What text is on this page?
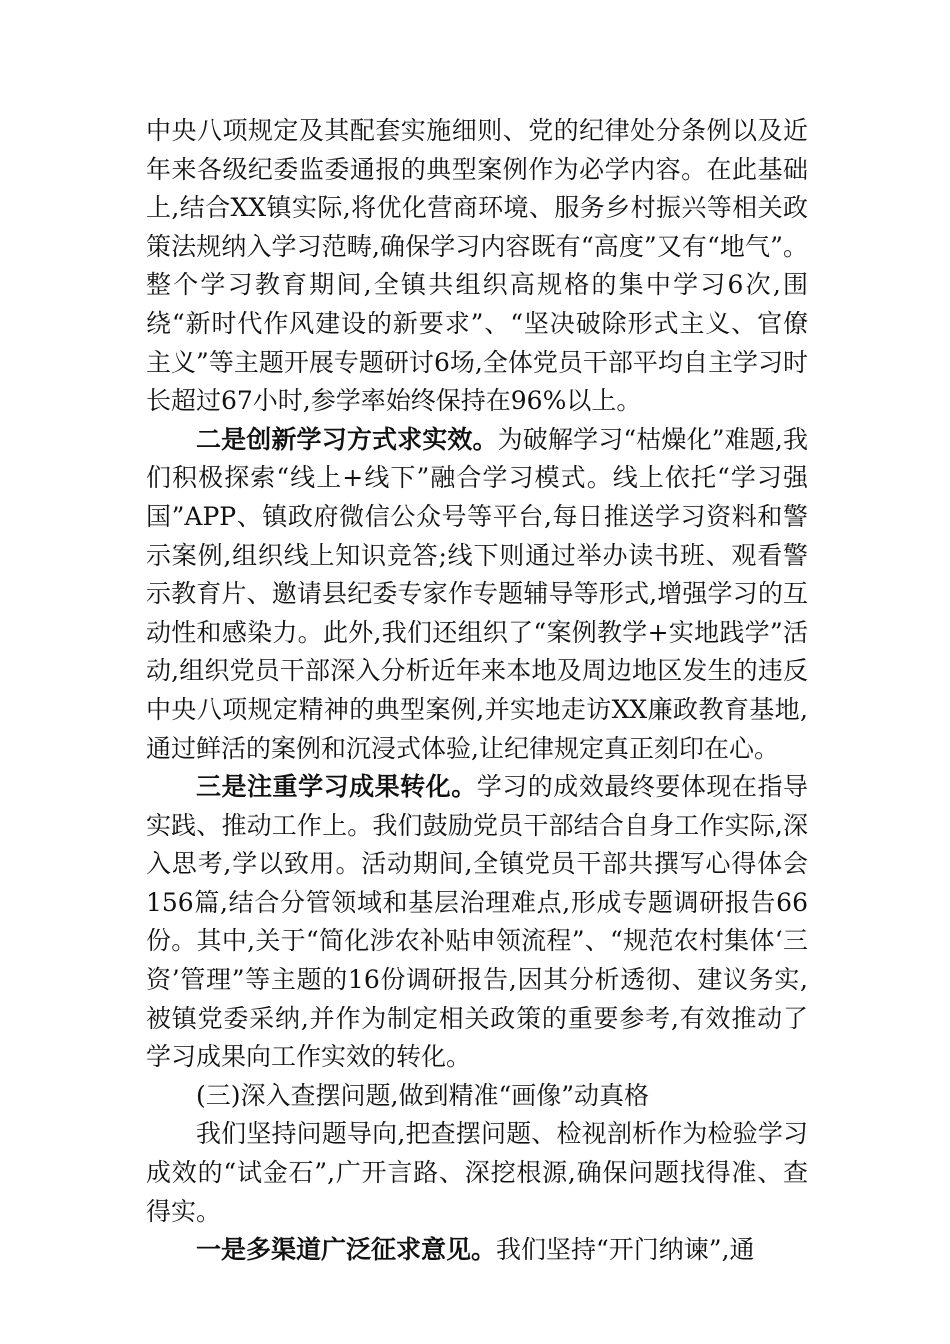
中央八项规定及其配套实施细则、党的纪律处分条例以及近年来各级纪委监委通报的典型案例作为必学内容。在此基础上,结合XX镇实际,将优化营商环境、服务乡村振兴等相关政策法规纳入学习范畴,确保学习内容既有“高度”又有“地气”。整个学习教育期间,全镇共组织高规格的集中学习6次,围绕“新时代作风建设的新要求”、“坚决破除形式主义、官僚主义”等主题开展专题研讨6场,全体党员干部平均自主学习时长超过67小时,参学率始终保持在96%以上。

二是创新学习方式求实效。为破解学习“枯燥化”难题,我们积极探索“线上+线下”融合学习模式。线上依托“学习强国”APP、镇政府微信公众号等平台,每日推送学习资料和警示案例,组织线上知识竞答;线下则通过举办读书班、观看警示教育片、邀请县纪委专家作专题辅导等形式,增强学习的互动性和感染力。此外,我们还组织了“案例教学+实地践学”活动,组织党员干部深入分析近年来本地及周边地区发生的违反中央八项规定精神的典型案例,并实地走访XX廉政教育基地,通过鲜活的案例和沉浸式体验,让纪律规定真正刻印在心。

三是注重学习成果转化。学习的成效最终要体现在指导实践、推动工作上。我们鼓励党员干部结合自身工作实际,深入思考,学以致用。活动期间,全镇党员干部共撰写心得体会156篇,结合分管领域和基层治理难点,形成专题调研报告66份。其中,关于“简化涉农补贴申领流程”、“规范农村集体‘三资’管理”等主题的16份调研报告,因其分析透彻、建议务实,被镇党委采纳,并作为制定相关政策的重要参考,有效推动了学习成果向工作实效的转化。

(三)深入查摆问题,做到精准“画像”动真格

我们坚持问题导向,把查摆问题、检视剖析作为检验学习成效的“试金石”,广开言路、深挖根源,确保问题找得准、查得实。

一是多渠道广泛征求意见。我们坚持“开门纳谏”,通
